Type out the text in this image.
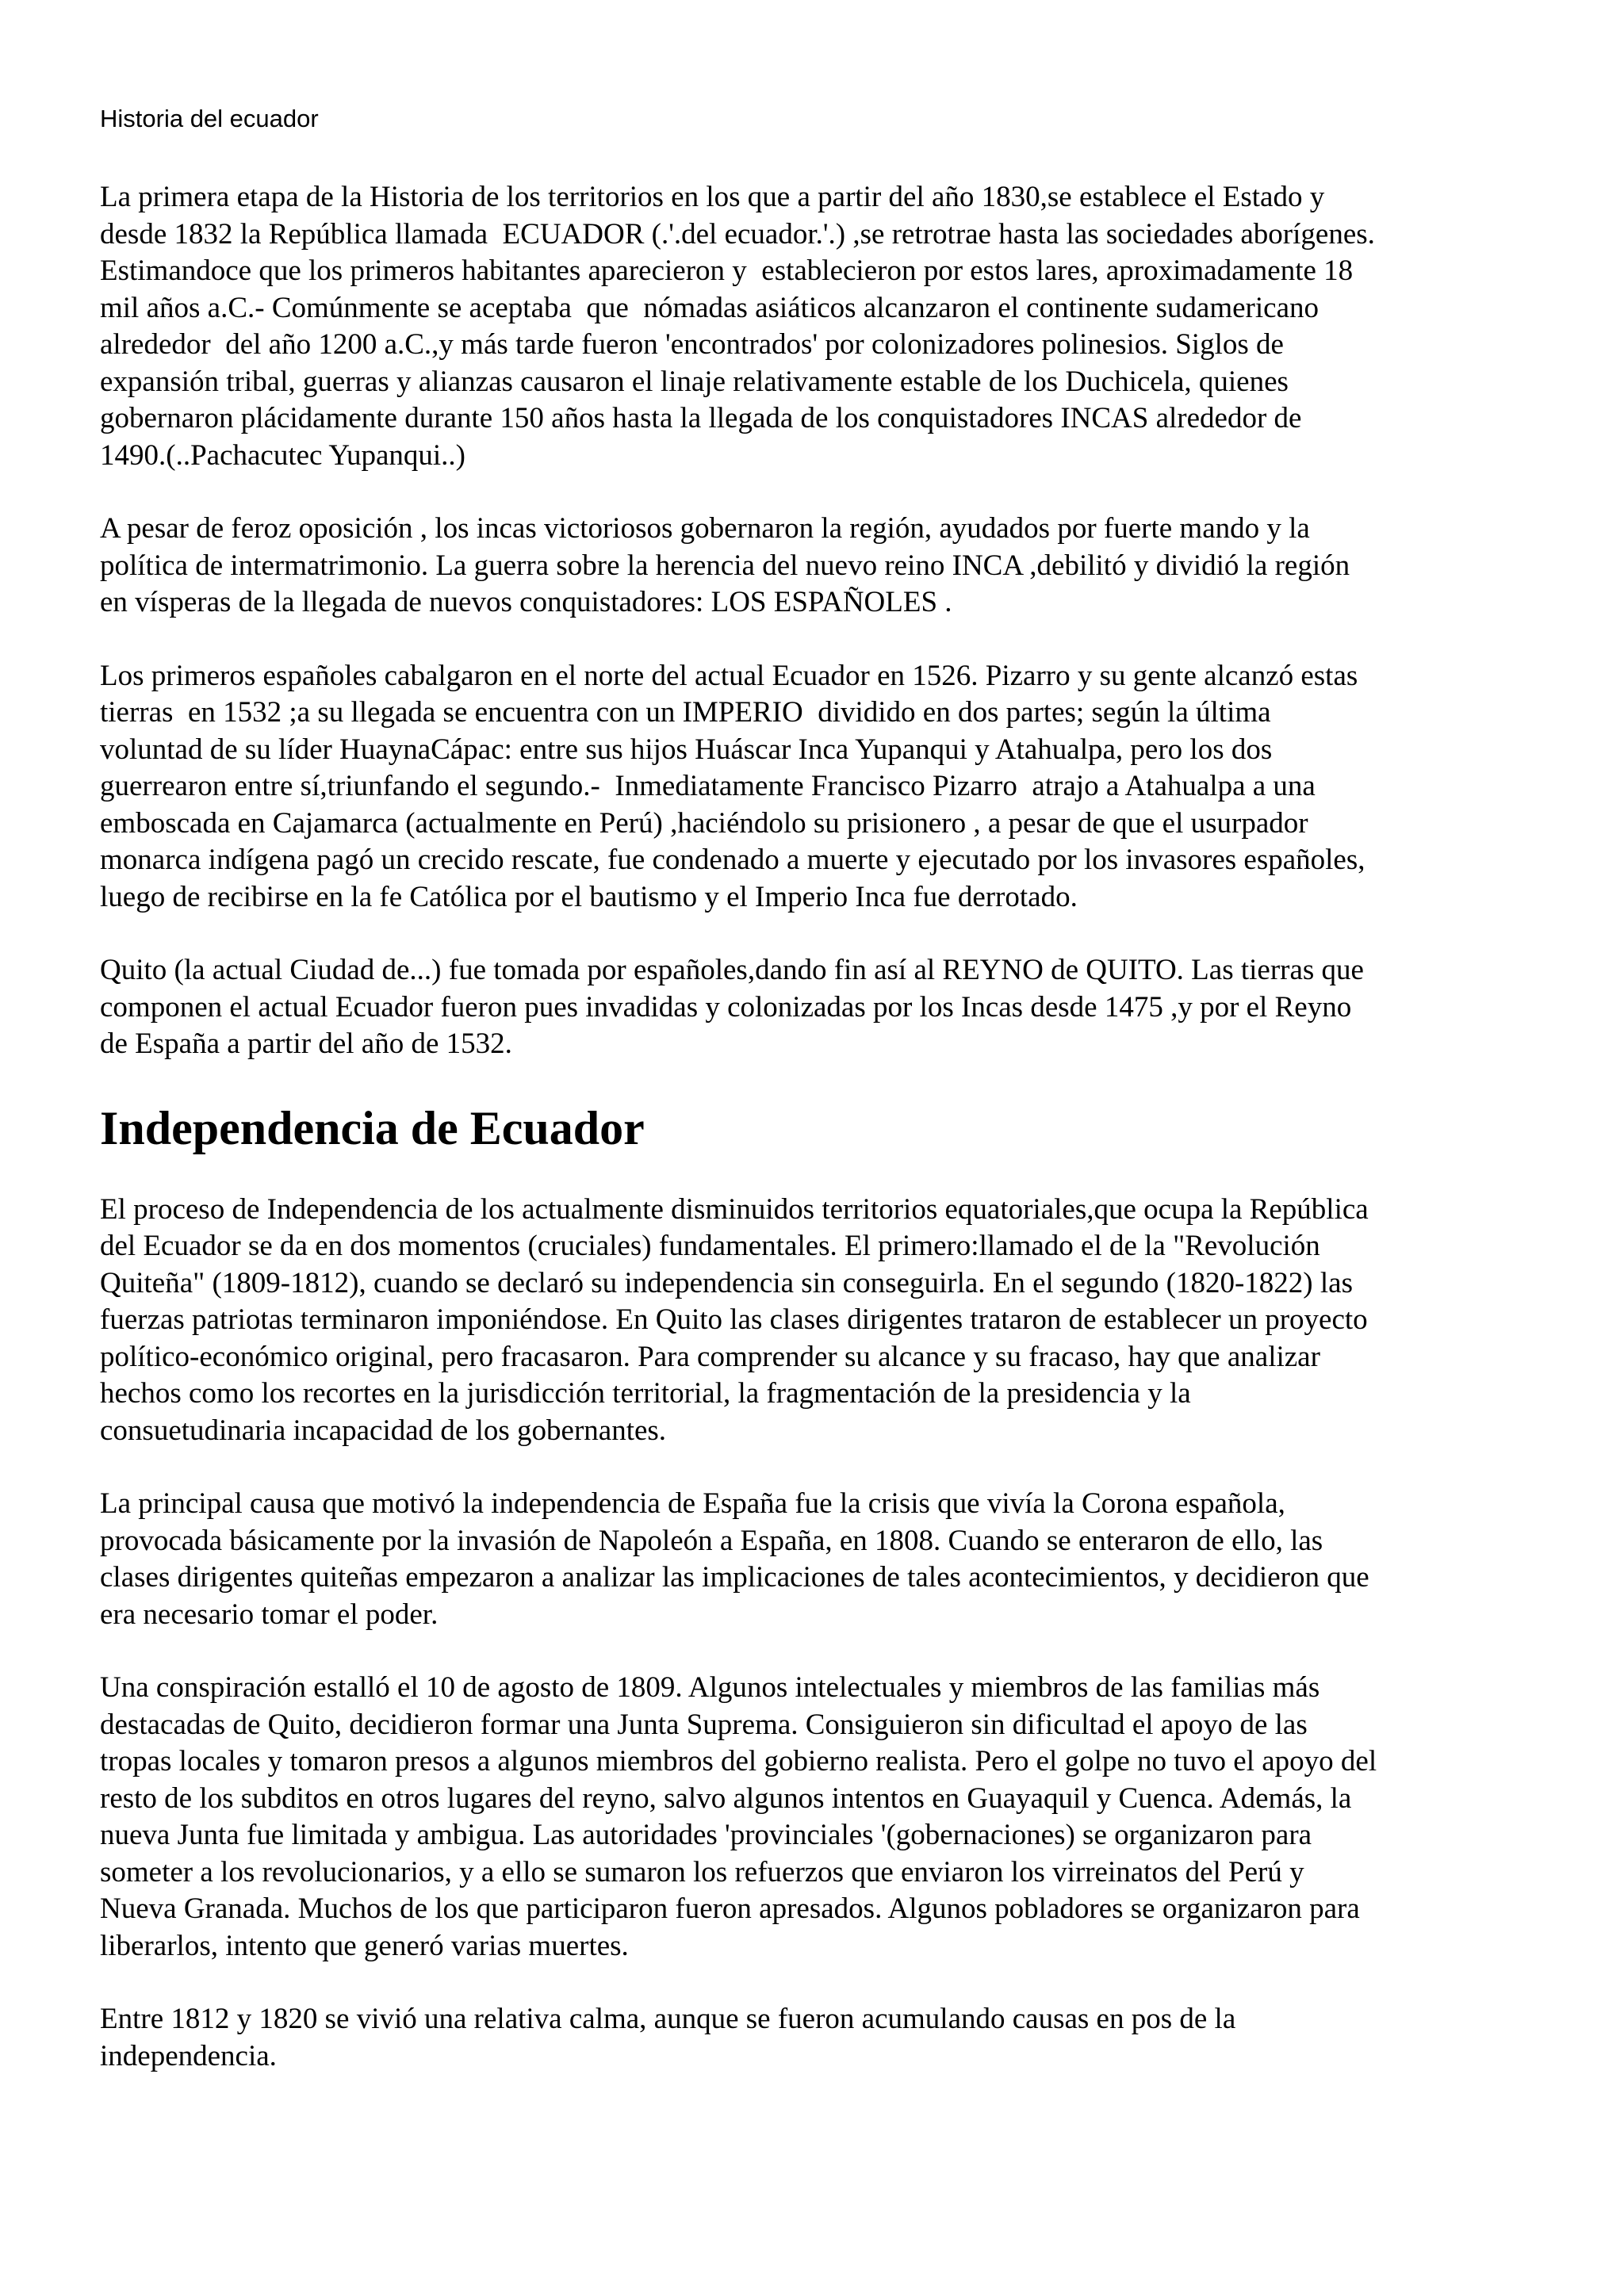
Historia del ecuador

La primera etapa de la Historia de los territorios en los que a partir del año 1830,se establece el Estado y
desde 1832 la República llamada  ECUADOR (.'.del ecuador.'.) ,se retrotrae hasta las sociedades aborígenes.
Estimandoce que los primeros habitantes aparecieron y  establecieron por estos lares, aproximadamente 18
mil años a.C.- Comúnmente se aceptaba  que  nómadas asiáticos alcanzaron el continente sudamericano
alrededor  del año 1200 a.C.,y más tarde fueron 'encontrados' por colonizadores polinesios. Siglos de
expansión tribal, guerras y alianzas causaron el linaje relativamente estable de los Duchicela, quienes
gobernaron plácidamente durante 150 años hasta la llegada de los conquistadores INCAS alrededor de
1490.(..Pachacutec Yupanqui..)

A pesar de feroz oposición , los incas victoriosos gobernaron la región, ayudados por fuerte mando y la
política de intermatrimonio. La guerra sobre la herencia del nuevo reino INCA ,debilitó y dividió la región
en vísperas de la llegada de nuevos conquistadores: LOS ESPAÑOLES .

Los primeros españoles cabalgaron en el norte del actual Ecuador en 1526. Pizarro y su gente alcanzó estas
tierras  en 1532 ;a su llegada se encuentra con un IMPERIO  dividido en dos partes; según la última
voluntad de su líder HuaynaCápac: entre sus hijos Huáscar Inca Yupanqui y Atahualpa, pero los dos
guerrearon entre sí,triunfando el segundo.-  Inmediatamente Francisco Pizarro  atrajo a Atahualpa a una
emboscada en Cajamarca (actualmente en Perú) ,haciéndolo su prisionero , a pesar de que el usurpador
monarca indígena pagó un crecido rescate, fue condenado a muerte y ejecutado por los invasores españoles,
luego de recibirse en la fe Católica por el bautismo y el Imperio Inca fue derrotado.

Quito (la actual Ciudad de...) fue tomada por españoles,dando fin así al REYNO de QUITO. Las tierras que
componen el actual Ecuador fueron pues invadidas y colonizadas por los Incas desde 1475 ,y por el Reyno
de España a partir del año de 1532.

Independencia de Ecuador

El proceso de Independencia de los actualmente disminuidos territorios equatoriales,que ocupa la República
del Ecuador se da en dos momentos (cruciales) fundamentales. El primero:llamado el de la "Revolución
Quiteña" (1809-1812), cuando se declaró su independencia sin conseguirla. En el segundo (1820-1822) las
fuerzas patriotas terminaron imponiéndose. En Quito las clases dirigentes trataron de establecer un proyecto
político-económico original, pero fracasaron. Para comprender su alcance y su fracaso, hay que analizar
hechos como los recortes en la jurisdicción territorial, la fragmentación de la presidencia y la
consuetudinaria incapacidad de los gobernantes.

La principal causa que motivó la independencia de España fue la crisis que vivía la Corona española,
provocada básicamente por la invasión de Napoleón a España, en 1808. Cuando se enteraron de ello, las
clases dirigentes quiteñas empezaron a analizar las implicaciones de tales acontecimientos, y decidieron que
era necesario tomar el poder.

Una conspiración estalló el 10 de agosto de 1809. Algunos intelectuales y miembros de las familias más
destacadas de Quito, decidieron formar una Junta Suprema. Consiguieron sin dificultad el apoyo de las
tropas locales y tomaron presos a algunos miembros del gobierno realista. Pero el golpe no tuvo el apoyo del
resto de los subditos en otros lugares del reyno, salvo algunos intentos en Guayaquil y Cuenca. Además, la
nueva Junta fue limitada y ambigua. Las autoridades 'provinciales '(gobernaciones) se organizaron para
someter a los revolucionarios, y a ello se sumaron los refuerzos que enviaron los virreinatos del Perú y
Nueva Granada. Muchos de los que participaron fueron apresados. Algunos pobladores se organizaron para
liberarlos, intento que generó varias muertes.

Entre 1812 y 1820 se vivió una relativa calma, aunque se fueron acumulando causas en pos de la
independencia.
